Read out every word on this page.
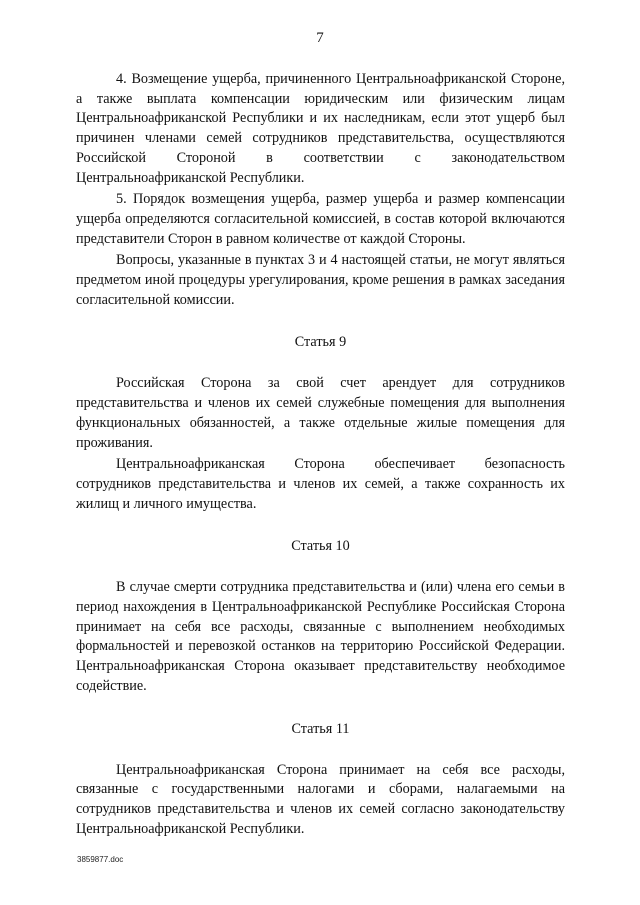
7

4. Возмещение ущерба, причиненного Центральноафриканской Стороне, а также выплата компенсации юридическим или физическим лицам Центральноафриканской Республики и их наследникам, если этот ущерб был причинен членами семей сотрудников представительства, осуществляются Российской Стороной в соответствии с законодательством Центральноафриканской Республики.

5. Порядок возмещения ущерба, размер ущерба и размер компенсации ущерба определяются согласительной комиссией, в состав которой включаются представители Сторон в равном количестве от каждой Стороны.

Вопросы, указанные в пунктах 3 и 4 настоящей статьи, не могут являться предметом иной процедуры урегулирования, кроме решения в рамках заседания согласительной комиссии.

Статья 9

Российская Сторона за свой счет арендует для сотрудников представительства и членов их семей служебные помещения для выполнения функциональных обязанностей, а также отдельные жилые помещения для проживания.

Центральноафриканская Сторона обеспечивает безопасность сотрудников представительства и членов их семей, а также сохранность их жилищ и личного имущества.

Статья 10

В случае смерти сотрудника представительства и (или) члена его семьи в период нахождения в Центральноафриканской Республике Российская Сторона принимает на себя все расходы, связанные с выполнением необходимых формальностей и перевозкой останков на территорию Российской Федерации. Центральноафриканская Сторона оказывает представительству необходимое содействие.

Статья 11

Центральноафриканская Сторона принимает на себя все расходы, связанные с государственными налогами и сборами, налагаемыми на сотрудников представительства и членов их семей согласно законодательству Центральноафриканской Республики.

3859877.doc
